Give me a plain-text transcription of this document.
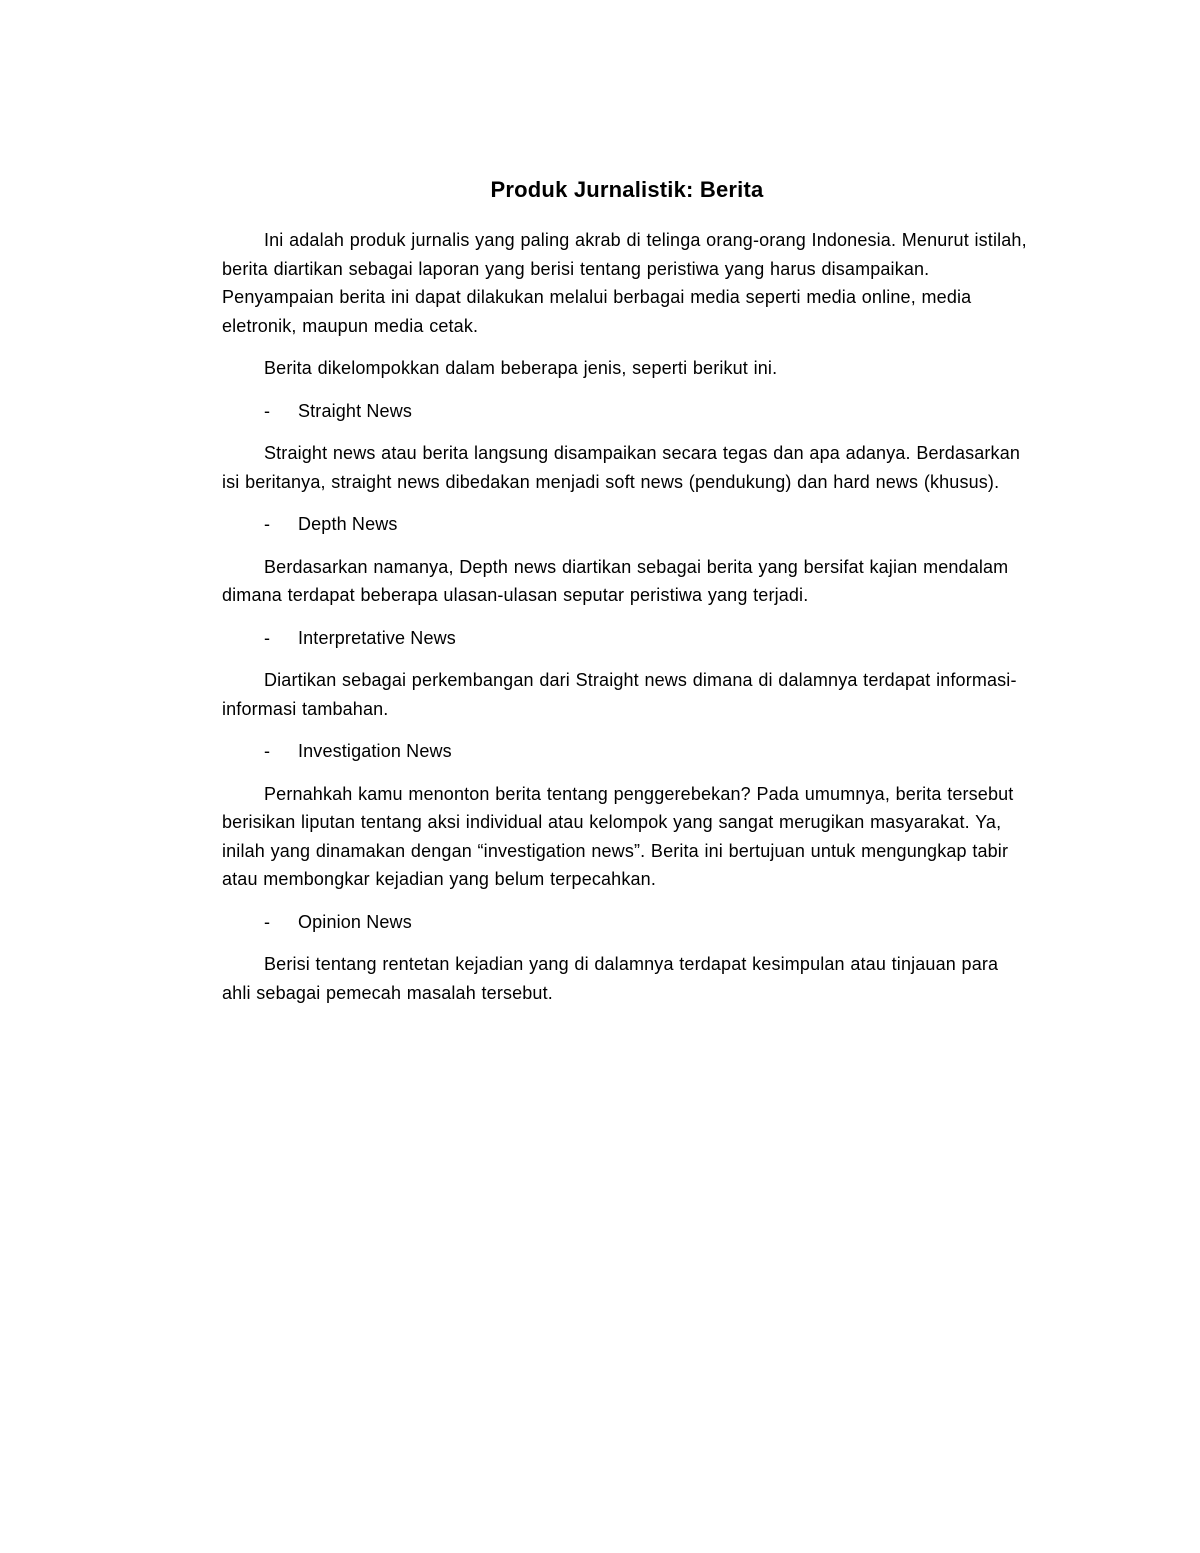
Produk Jurnalistik: Berita

Ini adalah produk jurnalis yang paling akrab di telinga orang-orang Indonesia. Menurut istilah, berita diartikan sebagai laporan yang berisi tentang peristiwa yang harus disampaikan. Penyampaian berita ini dapat dilakukan melalui berbagai media seperti media online, media eletronik, maupun media cetak.

Berita dikelompokkan dalam beberapa jenis, seperti berikut ini.

-	Straight News

Straight news atau berita langsung disampaikan secara tegas dan apa adanya. Berdasarkan isi beritanya, straight news dibedakan menjadi soft news (pendukung) dan hard news (khusus).

-	Depth News

Berdasarkan namanya, Depth news diartikan sebagai berita yang bersifat kajian mendalam dimana terdapat beberapa ulasan-ulasan seputar peristiwa yang terjadi.

-	Interpretative News

Diartikan sebagai perkembangan dari Straight news dimana di dalamnya terdapat informasi-informasi tambahan.

-	Investigation News

Pernahkah kamu menonton berita tentang penggerebekan? Pada umumnya, berita tersebut berisikan liputan tentang aksi individual atau kelompok yang sangat merugikan masyarakat. Ya, inilah yang dinamakan dengan “investigation news”. Berita ini bertujuan untuk mengungkap tabir atau membongkar kejadian yang belum terpecahkan.

-	Opinion News

Berisi tentang rentetan kejadian yang di dalamnya terdapat kesimpulan atau tinjauan para ahli sebagai pemecah masalah tersebut.
